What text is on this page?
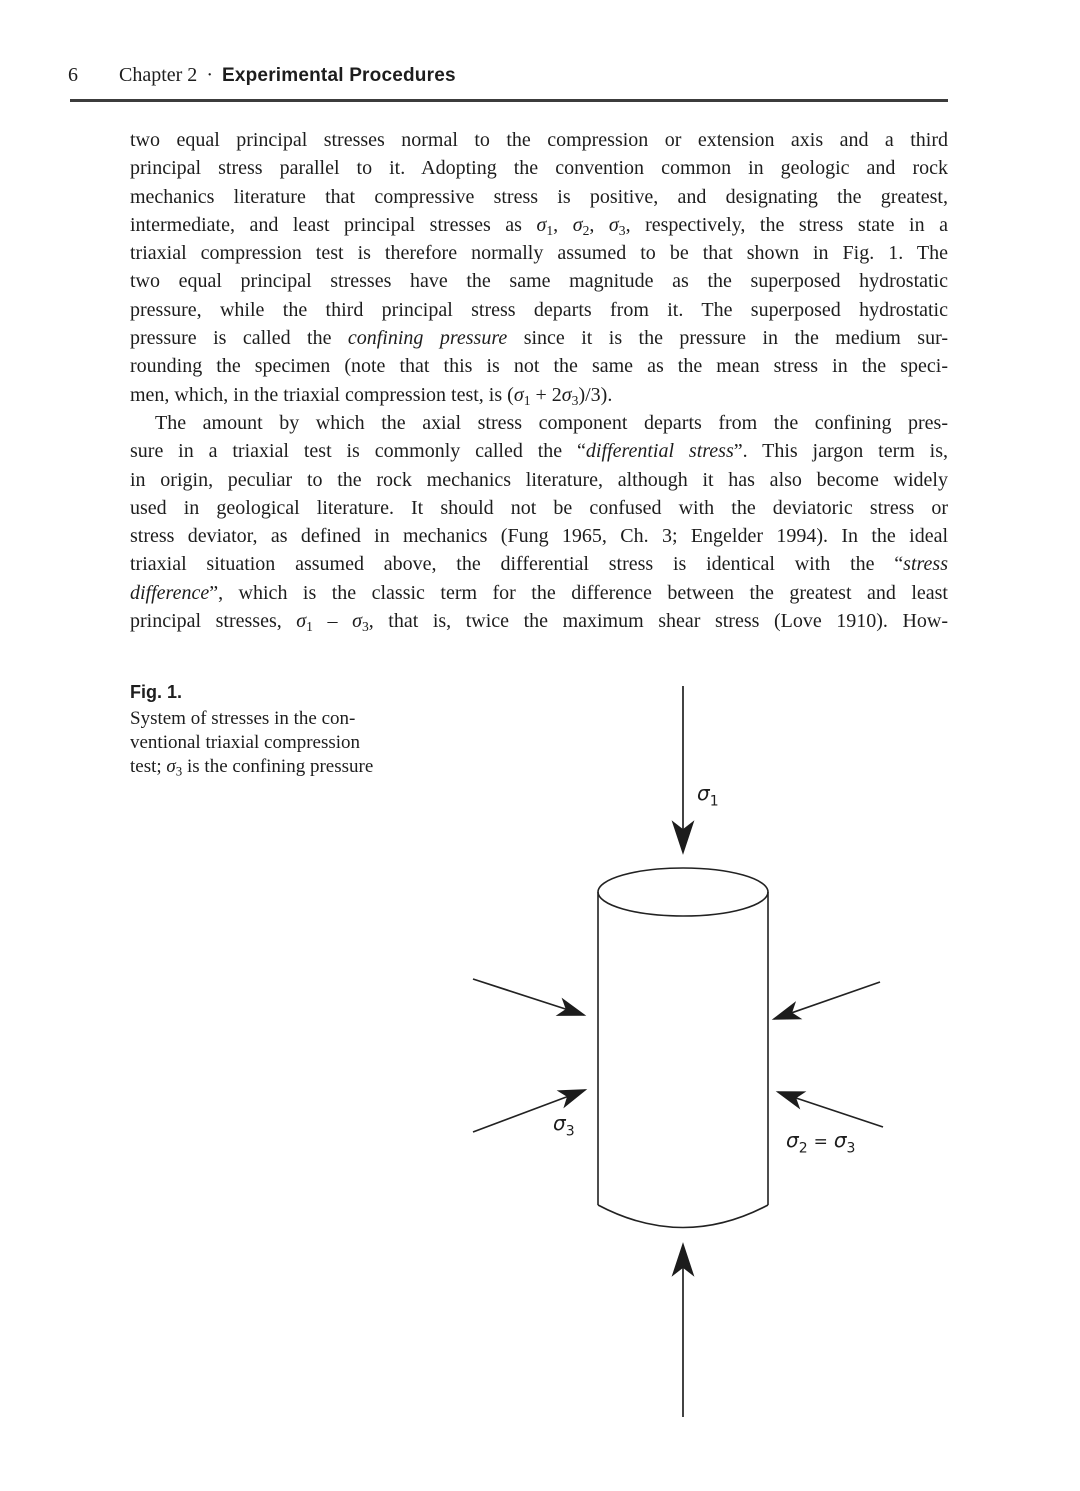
6 Chapter 2 · Experimental Procedures
two equal principal stresses normal to the compression or extension axis and a third
principal stress parallel to it. Adopting the convention common in geologic and rock
mechanics literature that compressive stress is positive, and designating the greatest,
intermediate, and least principal stresses as $\sigma_1$, $\sigma_2$, $\sigma_3$, respectively, the stress state in a
triaxial compression test is therefore normally assumed to be that shown in Fig. 1. The
two equal principal stresses have the same magnitude as the superposed hydrostatic
pressure, while the third principal stress departs from it. The superposed hydrostatic
pressure is called the confining pressure since it is the pressure in the medium sur-
rounding the specimen (note that this is not the same as the mean stress in the speci-
men, which, in the triaxial compression test, is $(\sigma_1 + 2\sigma_3)/3$).
The amount by which the axial stress component departs from the confining pres-
sure in a triaxial test is commonly called the “differential stress”. This jargon term is,
in origin, peculiar to the rock mechanics literature, although it has also become widely
used in geological literature. It should not be confused with the deviatoric stress or
stress deviator, as defined in mechanics (Fung 1965, Ch. 3; Engelder 1994). In the ideal
triaxial situation assumed above, the differential stress is identical with the “stress
difference”, which is the classic term for the difference between the greatest and least
principal stresses, $\sigma_1 - \sigma_3$, that is, twice the maximum shear stress (Love 1910). How-
Fig. 1.
System of stresses in the con-
ventional triaxial compression
test; $\sigma_3$ is the confining pressure
$\sigma_1$
$\sigma_3$	$\sigma_2 = \sigma_3$
